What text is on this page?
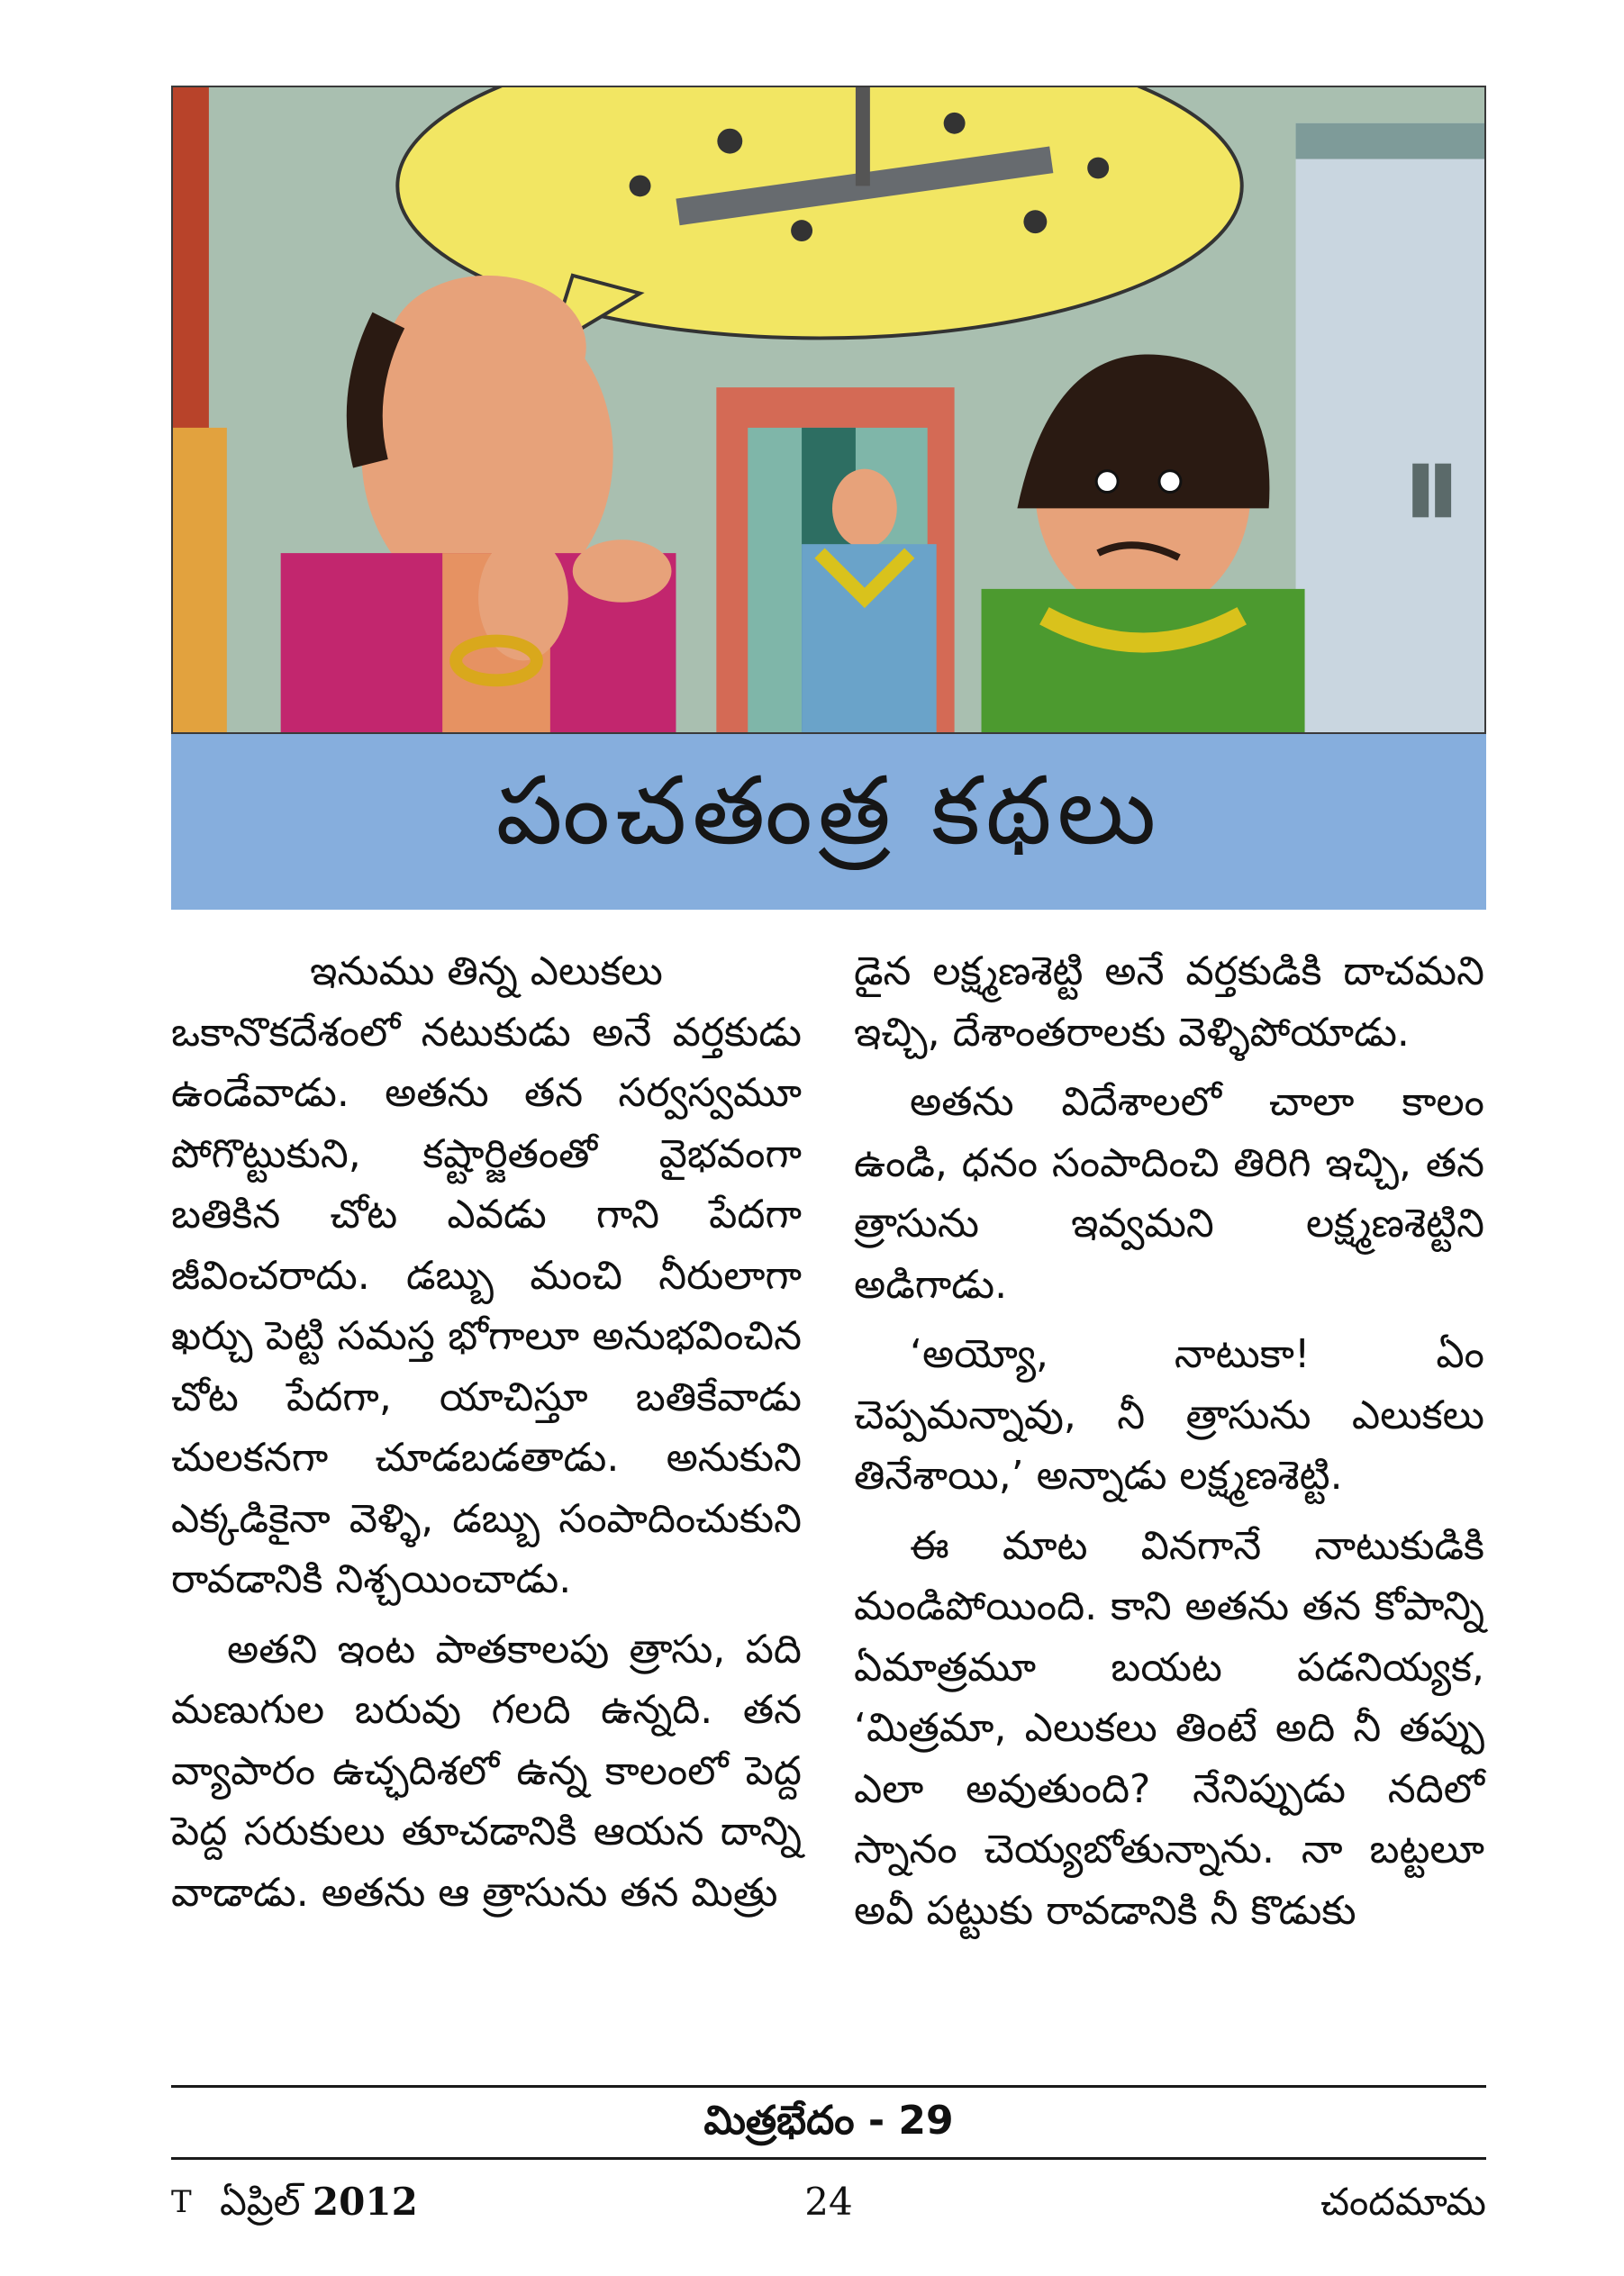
పంచతంత్ర కథలు

ఇనుము తిన్న ఎలుకలు

ఒకానొకదేశంలో నటుకుడు అనే వర్తకుడు ఉండేవాడు. అతను తన సర్వస్వమూ పోగొట్టుకుని, కష్టార్జితంతో వైభవంగా బతికిన చోట ఎవడు గాని పేదగా జీవించరాదు. డబ్బు మంచి నీరులాగా ఖర్చు పెట్టి సమస్త భోగాలూ అనుభవించిన చోట పేదగా, యాచిస్తూ బతికేవాడు చులకనగా చూడబడతాడు. అనుకుని ఎక్కడికైనా వెళ్ళి, డబ్బు సంపాదించుకుని రావడానికి నిశ్చయించాడు.

అతని ఇంట పాతకాలపు త్రాసు, పది మణుగుల బరువు గలది ఉన్నది. తన వ్యాపారం ఉచ్ఛదిశలో ఉన్న కాలంలో పెద్ద పెద్ద సరుకులు తూచడానికి ఆయన దాన్ని వాడాడు. అతను ఆ త్రాసును తన మిత్రు

డైన లక్ష్మణశెట్టి అనే వర్తకుడికి దాచమని ఇచ్చి, దేశాంతరాలకు వెళ్ళిపోయాడు.

అతను విదేశాలలో చాలా కాలం ఉండి, ధనం సంపాదించి తిరిగి ఇచ్చి, తన త్రాసును ఇవ్వమని లక్ష్మణశెట్టిని అడిగాడు.

‘అయ్యో, నాటుకా! ఏం చెప్పమన్నావు, నీ త్రాసును ఎలుకలు తినేశాయి,’ అన్నాడు లక్ష్మణశెట్టి.

ఈ మాట వినగానే నాటుకుడికి మండిపోయింది. కాని అతను తన కోపాన్ని ఏమాత్రమూ బయట పడనియ్యక, ‘మిత్రమా, ఎలుకలు తింటే అది నీ తప్పు ఎలా అవుతుంది? నేనిప్పుడు నదిలో స్నానం చెయ్యబోతున్నాను. నా బట్టలూ అవీ పట్టుకు రావడానికి నీ కొడుకు

మిత్రభేదం - 29
$^T$ ఏప్రిల్ 2012	24	చందమామ
